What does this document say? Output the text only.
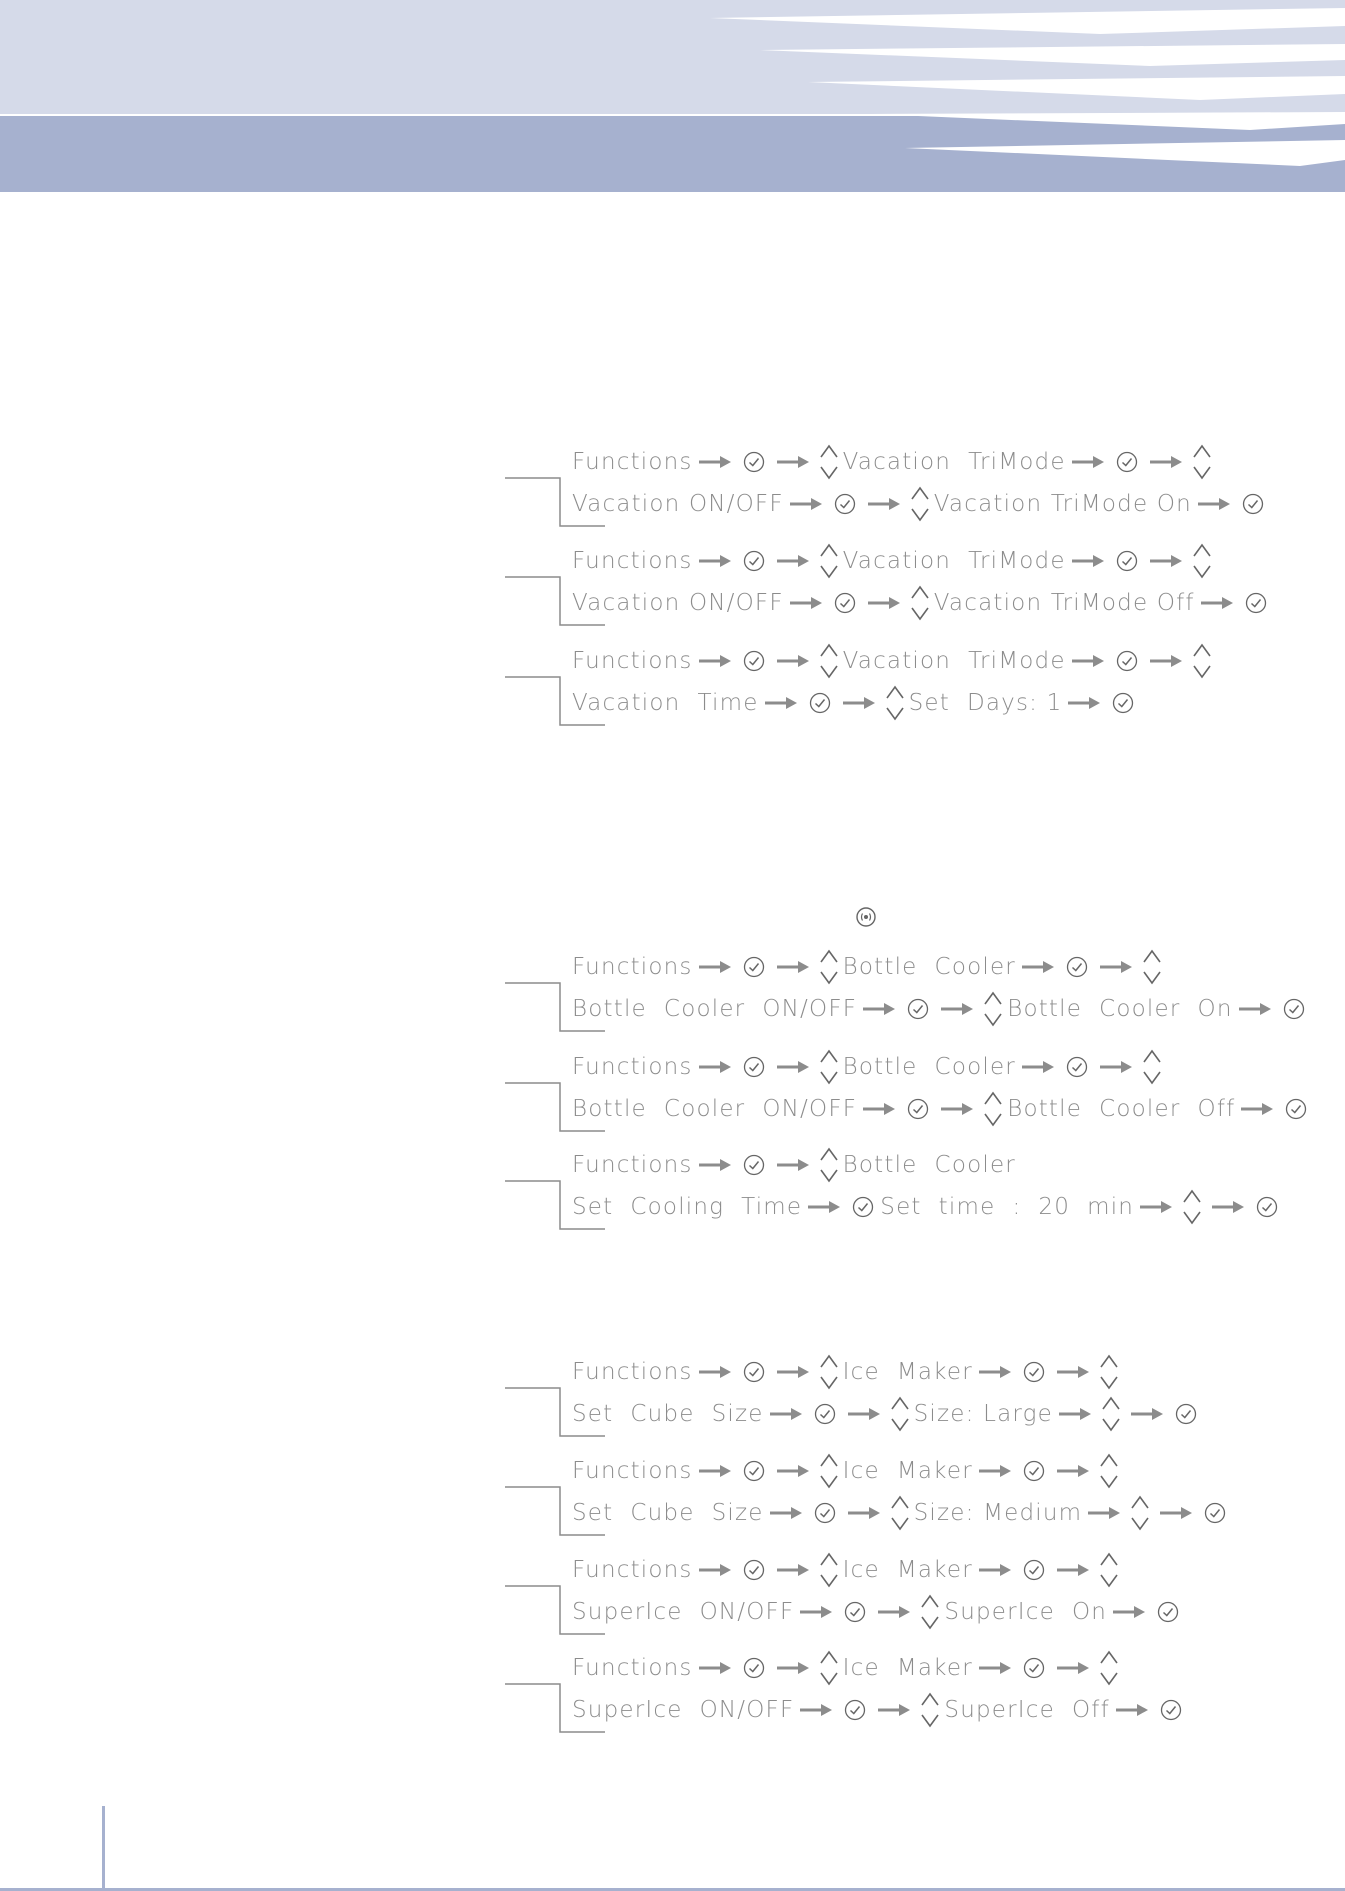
Functions	Vacation  TriMode
Vacation ON/OFF	Vacation TriMode On
Functions	Vacation  TriMode
Vacation ON/OFF	Vacation TriMode Off
Functions	Vacation  TriMode
Vacation  Time	Set  Days: 1
Functions	Bottle  Cooler
Bottle  Cooler  ON/OFF	Bottle  Cooler  On
Functions	Bottle  Cooler
Bottle  Cooler  ON/OFF	Bottle  Cooler  Off
Functions	Bottle  Cooler
Set  Cooling  Time	Set  time  :  20  min
Functions	Ice  Maker
Set  Cube  Size	Size: Large
Functions	Ice  Maker
Set  Cube  Size	Size: Medium
Functions	Ice  Maker
SuperIce  ON/OFF	SuperIce  On
Functions	Ice  Maker
SuperIce  ON/OFF	SuperIce  Off
